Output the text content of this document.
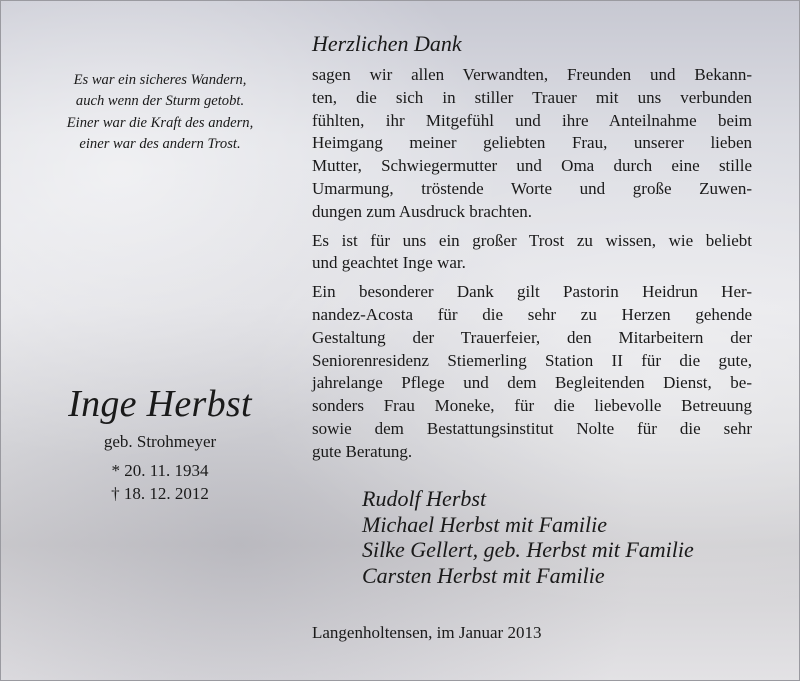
Es war ein sicheres Wandern,
auch wenn der Sturm getobt.
Einer war die Kraft des andern,
einer war des andern Trost.
Inge Herbst
geb. Strohmeyer
* 20. 11. 1934
† 18. 12. 2012
Herzlichen Dank
sagen wir allen Verwandten, Freunden und Bekann-
ten, die sich in stiller Trauer mit uns verbunden
fühlten, ihr Mitgefühl und ihre Anteilnahme beim
Heimgang meiner geliebten Frau, unserer lieben
Mutter, Schwiegermutter und Oma durch eine stille
Umarmung, tröstende Worte und große Zuwen-
dungen zum Ausdruck brachten.
Es ist für uns ein großer Trost zu wissen, wie beliebt
und geachtet Inge war.
Ein besonderer Dank gilt Pastorin Heidrun Her-
nandez-Acosta für die sehr zu Herzen gehende
Gestaltung der Trauerfeier, den Mitarbeitern der
Seniorenresidenz Stiemerling Station II für die gute,
jahrelange Pflege und dem Begleitenden Dienst, be-
sonders Frau Moneke, für die liebevolle Betreuung
sowie dem Bestattungsinstitut Nolte für die sehr
gute Beratung.
Rudolf Herbst
Michael Herbst mit Familie
Silke Gellert, geb. Herbst mit Familie
Carsten Herbst mit Familie
Langenholtensen, im Januar 2013
